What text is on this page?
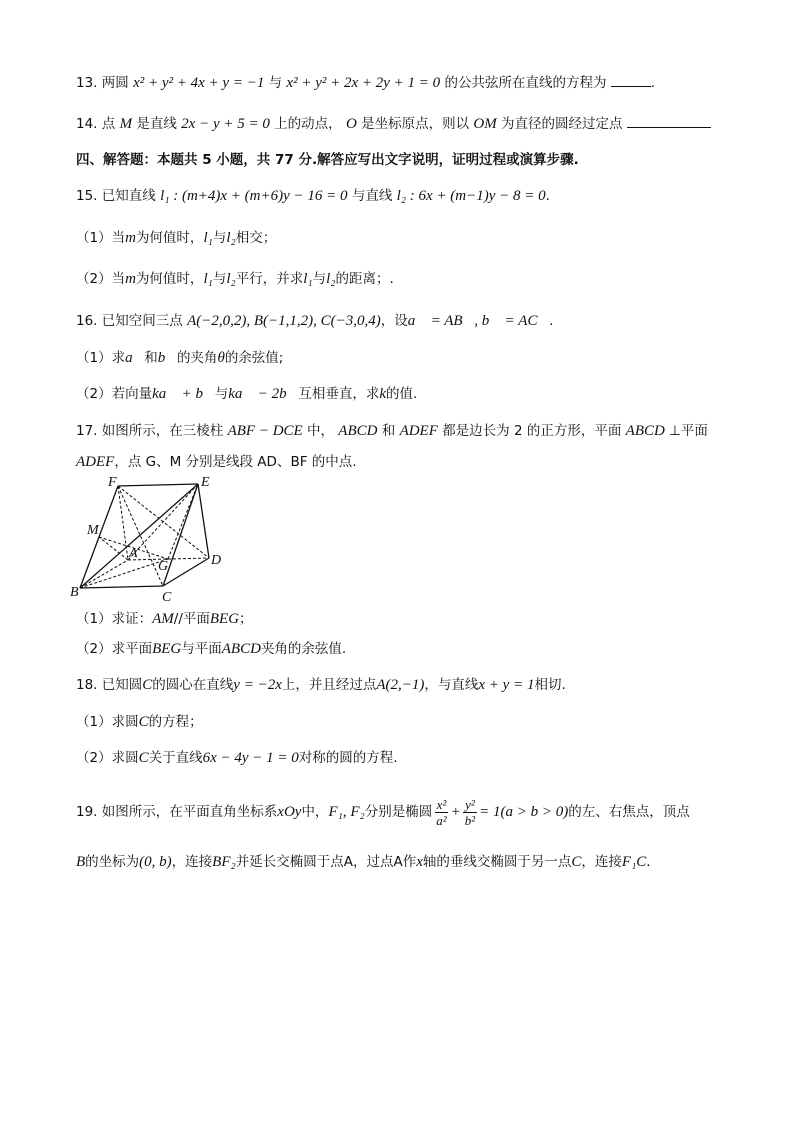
13. 两圆 x² + y² + 4x + y = −1 与 x² + y² + 2x + 2y + 1 = 0 的公共弦所在直线的方程为	.
14. 点 M 是直线 2x − y + 5 = 0 上的动点， O 是坐标原点，则以 OM 为直径的圆经过定点
四、解答题：本题共 5 小题，共 77 分.解答应写出文字说明，证明过程或演算步骤.
15. 已知直线 l₁ : (m+4)x + (m+6)y − 16 = 0 与直线 l₂ : 6x + (m−1)y − 8 = 0.
（1）当m为何值时，l₁与l₂相交；
（2）当m为何值时，l₁与l₂平行，并求l₁与l₂的距离；.
16. 已知空间三点 A(−2,0,2), B(−1,1,2), C(−3,0,4)，设a⃗ = AB⃗, b⃗ = AC⃗.
（1）求a⃗和b⃗的夹角θ的余弦值;
（2）若向量ka⃗ + b⃗与ka⃗ − 2b⃗互相垂直，求k的值.
17. 如图所示，在三棱柱 ABF − DCE 中， ABCD 和 ADEF 都是边长为 2 的正方形，平面 ABCD ⊥平面
ADEF，点 G、M 分别是线段 AD、BF 的中点.
F	E
M
A
G	D
B	C
（1）求证：AM//平面BEG；
（2）求平面BEG与平面ABCD夹角的余弦值.
18. 已知圆C的圆心在直线y = −2x上，并且经过点A(2,−1)，与直线x + y = 1相切.
（1）求圆C的方程；
（2）求圆C关于直线6x − 4y − 1 = 0对称的圆的方程.
19. 如图所示，在平面直角坐标系xOy中，F₁, F₂分别是椭圆 $\frac{\text{x²}}{\text{a²}} + \frac{\text{y²}}{\text{b²}} = 1(a > b > 0)$的左、右焦点，顶点
B的坐标为(0, b)，连接BF₂并延长交椭圆于点A，过点A作x轴的垂线交椭圆于另一点C，连接F₁C.
